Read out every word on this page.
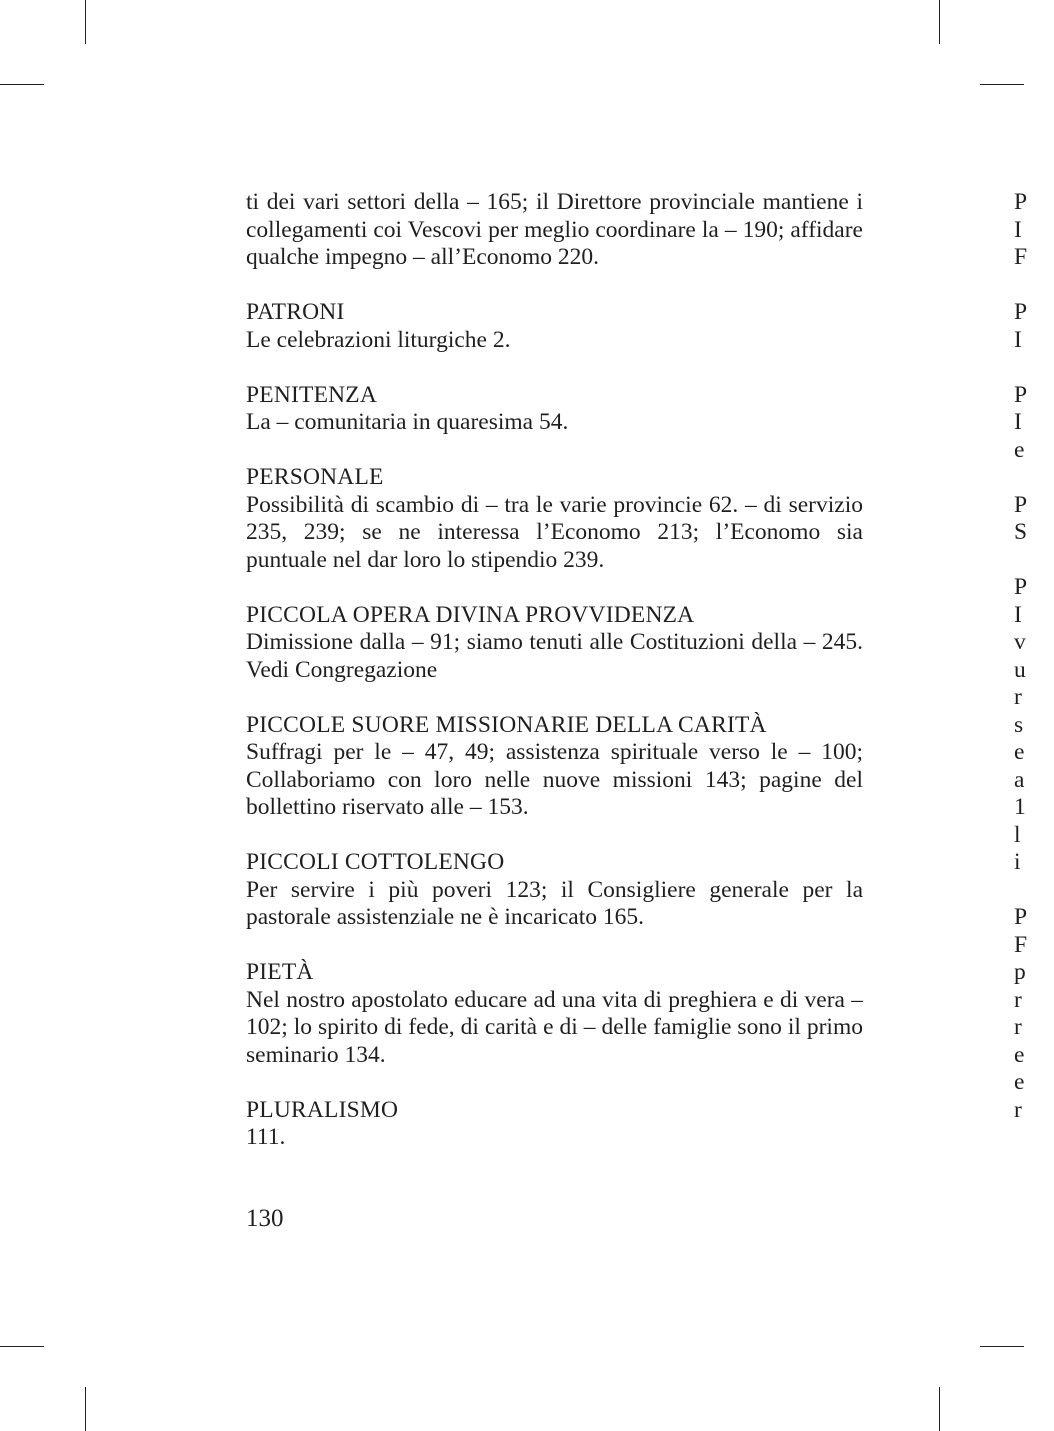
ti dei vari settori della – 165; il Direttore provinciale mantiene i collegamenti coi Vescovi per meglio coordinare la – 190; affidare qualche impegno – all’Economo 220.

PATRONI
Le celebrazioni liturgiche 2.
PENITENZA
La – comunitaria in quaresima 54.
PERSONALE
Possibilità di scambio di – tra le varie provincie 62. – di servizio 235, 239; se ne interessa l’Economo 213; l’Economo sia puntuale nel dar loro lo stipendio 239.
PICCOLA OPERA DIVINA PROVVIDENZA
Dimissione dalla – 91; siamo tenuti alle Costituzioni della – 245. Vedi Congregazione
PICCOLE SUORE MISSIONARIE DELLA CARITÀ
Suffragi per le – 47, 49; assistenza spirituale verso le – 100; Collaboriamo con loro nelle nuove missioni 143; pagine del bollettino riservato alle – 153.
PICCOLI COTTOLENGO
Per servire i più poveri 123; il Consigliere generale per la pastorale assistenziale ne è incaricato 165.
PIETÀ
Nel nostro apostolato educare ad una vita di preghiera e di vera – 102; lo spirito di fede, di carità e di – delle famiglie sono il primo seminario 134.
PLURALISMO
111.
130
P
I
F
P
I
P
I
e
P
S
P
I
v
u
r
s
e
a
1
l
i
P
F
p
r
r
e
e
r
